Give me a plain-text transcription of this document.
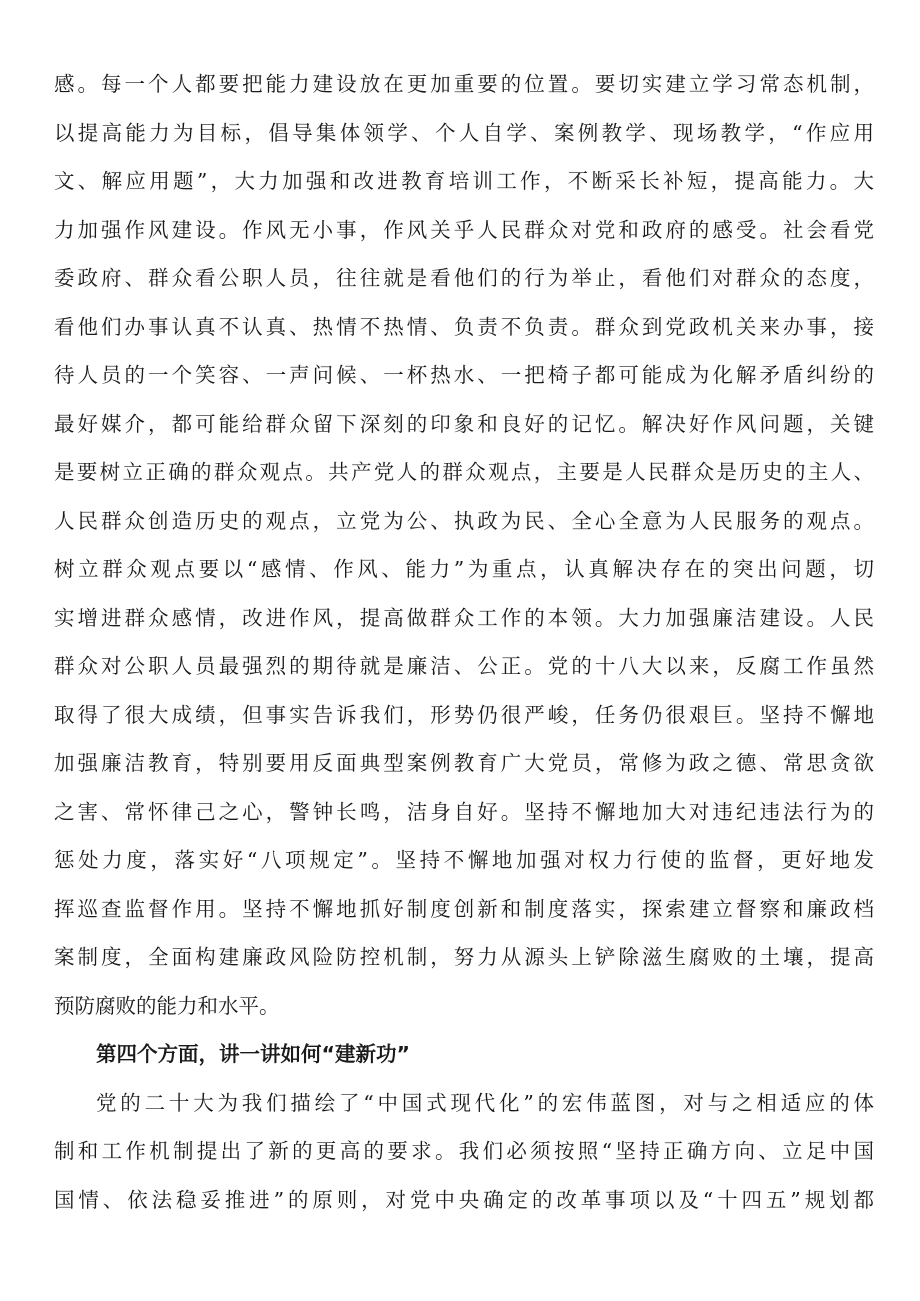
感。每一个人都要把能力建设放在更加重要的位置。要切实建立学习常态机制，
以提高能力为目标，倡导集体领学、个人自学、案例教学、现场教学，“作应用
文、解应用题”，大力加强和改进教育培训工作，不断采长补短，提高能力。大
力加强作风建设。作风无小事，作风关乎人民群众对党和政府的感受。社会看党
委政府、群众看公职人员，往往就是看他们的行为举止，看他们对群众的态度，
看他们办事认真不认真、热情不热情、负责不负责。群众到党政机关来办事，接
待人员的一个笑容、一声问候、一杯热水、一把椅子都可能成为化解矛盾纠纷的
最好媒介，都可能给群众留下深刻的印象和良好的记忆。解决好作风问题，关键
是要树立正确的群众观点。共产党人的群众观点，主要是人民群众是历史的主人、
人民群众创造历史的观点，立党为公、执政为民、全心全意为人民服务的观点。
树立群众观点要以“感情、作风、能力”为重点，认真解决存在的突出问题，切
实增进群众感情，改进作风，提高做群众工作的本领。大力加强廉洁建设。人民
群众对公职人员最强烈的期待就是廉洁、公正。党的十八大以来，反腐工作虽然
取得了很大成绩，但事实告诉我们，形势仍很严峻，任务仍很艰巨。坚持不懈地
加强廉洁教育，特别要用反面典型案例教育广大党员，常修为政之德、常思贪欲
之害、常怀律己之心，警钟长鸣，洁身自好。坚持不懈地加大对违纪违法行为的
惩处力度，落实好“八项规定”。坚持不懈地加强对权力行使的监督，更好地发
挥巡查监督作用。坚持不懈地抓好制度创新和制度落实，探索建立督察和廉政档
案制度，全面构建廉政风险防控机制，努力从源头上铲除滋生腐败的土壤，提高
预防腐败的能力和水平。
第四个方面，讲一讲如何“建新功”
党的二十大为我们描绘了“中国式现代化”的宏伟蓝图，对与之相适应的体
制和工作机制提出了新的更高的要求。我们必须按照“坚持正确方向、立足中国
国情、依法稳妥推进”的原则，对党中央确定的改革事项以及“十四五”规划都
